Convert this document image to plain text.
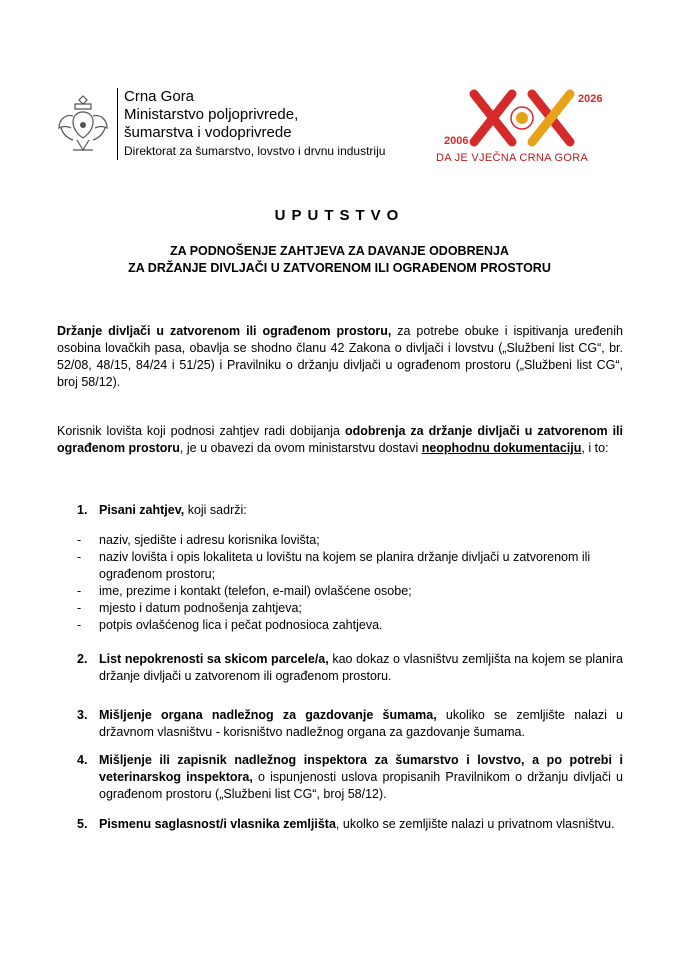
Crna Gora

Ministarstvo poljoprivrede,

šumarstva i vodoprivrede

Direktorat za šumarstvo, lovstvo i drvnu industriju

2006
2026
DA JE VJEČNA CRNA GORA
UPUTSTVO
ZA PODNOŠENJE ZAHTJEVA ZA DAVANJE ODOBRENJA
ZA DRŽANJE DIVLJAČI U ZATVORENOM ILI OGRAĐENOM PROSTORU
Držanje divljači u zatvorenom ili ograđenom prostoru, za potrebe obuke i ispitivanja uređenih osobina lovačkih pasa, obavlja se shodno članu 42 Zakona o divljači i lovstvu („Službeni list CG“, br. 52/08, 48/15, 84/24 i 51/25) i Pravilniku o držanju divljači u ograđenom prostoru („Službeni list CG“, broj 58/12).
Korisnik lovišta koji podnosi zahtjev radi dobijanja odobrenja za držanje divljači u zatvorenom ili ograđenom prostoru, je u obavezi da ovom ministarstvu dostavi neophodnu dokumentaciju, i to:
1. Pisani zahtjev, koji sadrži:
- naziv, sjedište i adresu korisnika lovišta;
- naziv lovišta i opis lokaliteta u lovištu na kojem se planira držanje divljači u zatvorenom ili ograđenom prostoru;
- ime, prezime i kontakt (telefon, e-mail) ovlašćene osobe;
- mjesto i datum podnošenja zahtjeva;
- potpis ovlašćenog lica i pečat podnosioca zahtjeva.
2. List nepokrenosti sa skicom parcele/a, kao dokaz o vlasništvu zemljišta na kojem se planira držanje divljači u zatvorenom ili ograđenom prostoru.
3. Mišljenje organa nadležnog za gazdovanje šumama, ukoliko se zemljište nalazi u državnom vlasništvu - korisništvo nadležnog organa za gazdovanje šumama.
4. Mišljenje ili zapisnik nadležnog inspektora za šumarstvo i lovstvo, a po potrebi i veterinarskog inspektora, o ispunjenosti uslova propisanih Pravilnikom o držanju divljači u ograđenom prostoru („Službeni list CG“, broj 58/12).
5. Pismenu saglasnost/i vlasnika zemljišta, ukolko se zemljište nalazi u privatnom vlasništvu.
